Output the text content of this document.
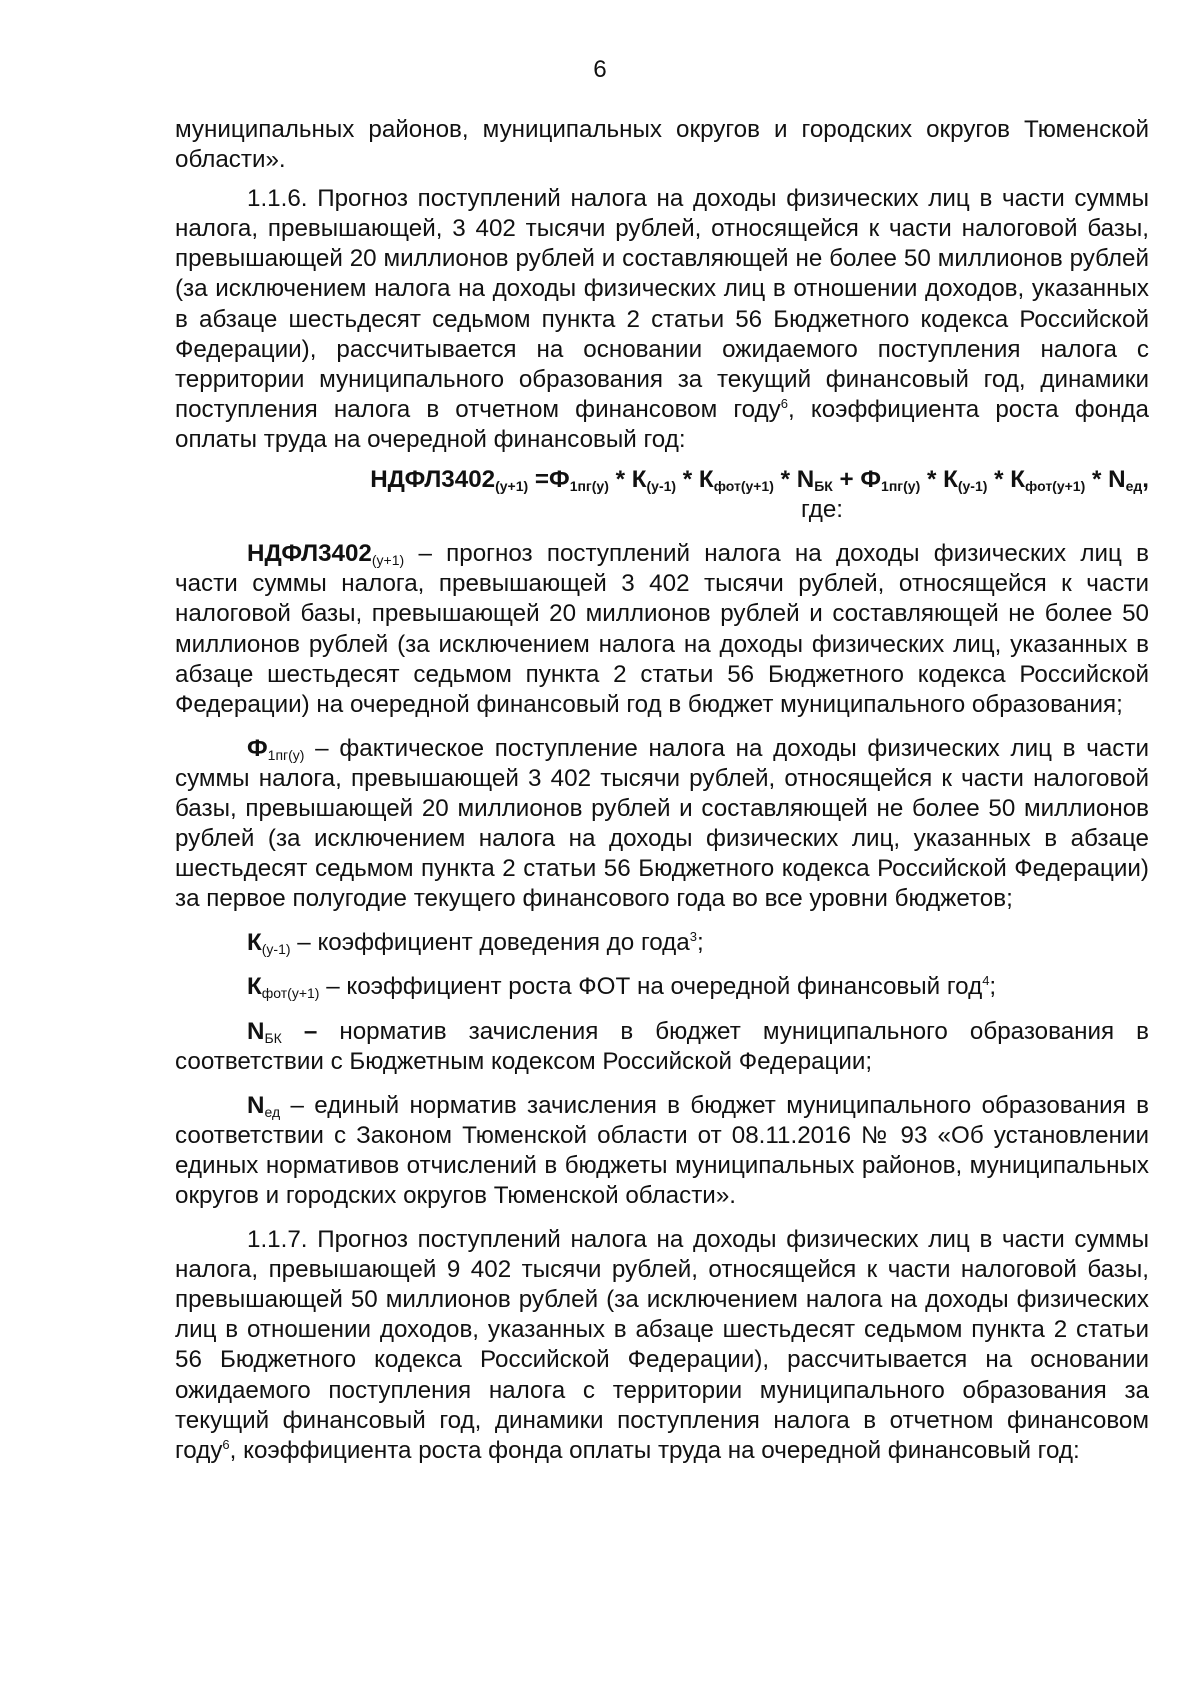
6

муниципальных районов, муниципальных округов и городских округов Тюменской области».

1.1.6. Прогноз поступлений налога на доходы физических лиц в части суммы налога, превышающей, 3 402 тысячи рублей, относящейся к части налоговой базы, превышающей 20 миллионов рублей и составляющей не более 50 миллионов рублей (за исключением налога на доходы физических лиц в отношении доходов, указанных в абзаце шестьдесят седьмом пункта 2 статьи 56 Бюджетного кодекса Российской Федерации), рассчитывается на основании ожидаемого поступления налога с территории муниципального образования за текущий финансовый год, динамики поступления налога в отчетном финансовом году$^6$, коэффициента роста фонда оплаты труда на очередной финансовый год:

$НДФЛ3402_{(у+1)} =Ф_{1пг(у)} * К_{(у-1)} * К_{фот(у+1)} * N_{БК} + Ф_{1пг(у)} * К_{(у-1)} * К_{фот(у+1)} * N_{ед}$,

где:

$НДФЛ3402_{(у+1)}$ – прогноз поступлений налога на доходы физических лиц в части суммы налога, превышающей 3 402 тысячи рублей, относящейся к части налоговой базы, превышающей 20 миллионов рублей и составляющей не более 50 миллионов рублей (за исключением налога на доходы физических лиц, указанных в абзаце шестьдесят седьмом пункта 2 статьи 56 Бюджетного кодекса Российской Федерации) на очередной финансовый год в бюджет муниципального образования;

$Ф_{1пг(у)}$ – фактическое поступление налога на доходы физических лиц в части суммы налога, превышающей 3 402 тысячи рублей, относящейся к части налоговой базы, превышающей 20 миллионов рублей и составляющей не более 50 миллионов рублей (за исключением налога на доходы физических лиц, указанных в абзаце шестьдесят седьмом пункта 2 статьи 56 Бюджетного кодекса Российской Федерации) за первое полугодие текущего финансового года во все уровни бюджетов;

$К_{(у-1)}$ – коэффициент доведения до года$^3$;

$К_{фот(у+1)}$ – коэффициент роста ФОТ на очередной финансовый год$^4$;

$N_{БК}$ – норматив зачисления в бюджет муниципального образования в соответствии с Бюджетным кодексом Российской Федерации;

$N_{ед}$ – единый норматив зачисления в бюджет муниципального образования в соответствии с Законом Тюменской области от 08.11.2016 № 93 «Об установлении единых нормативов отчислений в бюджеты муниципальных районов, муниципальных округов и городских округов Тюменской области».

1.1.7. Прогноз поступлений налога на доходы физических лиц в части суммы налога, превышающей 9 402 тысячи рублей, относящейся к части налоговой базы, превышающей 50 миллионов рублей (за исключением налога на доходы физических лиц в отношении доходов, указанных в абзаце шестьдесят седьмом пункта 2 статьи 56 Бюджетного кодекса Российской Федерации), рассчитывается на основании ожидаемого поступления налога с территории муниципального образования за текущий финансовый год, динамики поступления налога в отчетном финансовом году$^6$, коэффициента роста фонда оплаты труда на очередной финансовый год:
